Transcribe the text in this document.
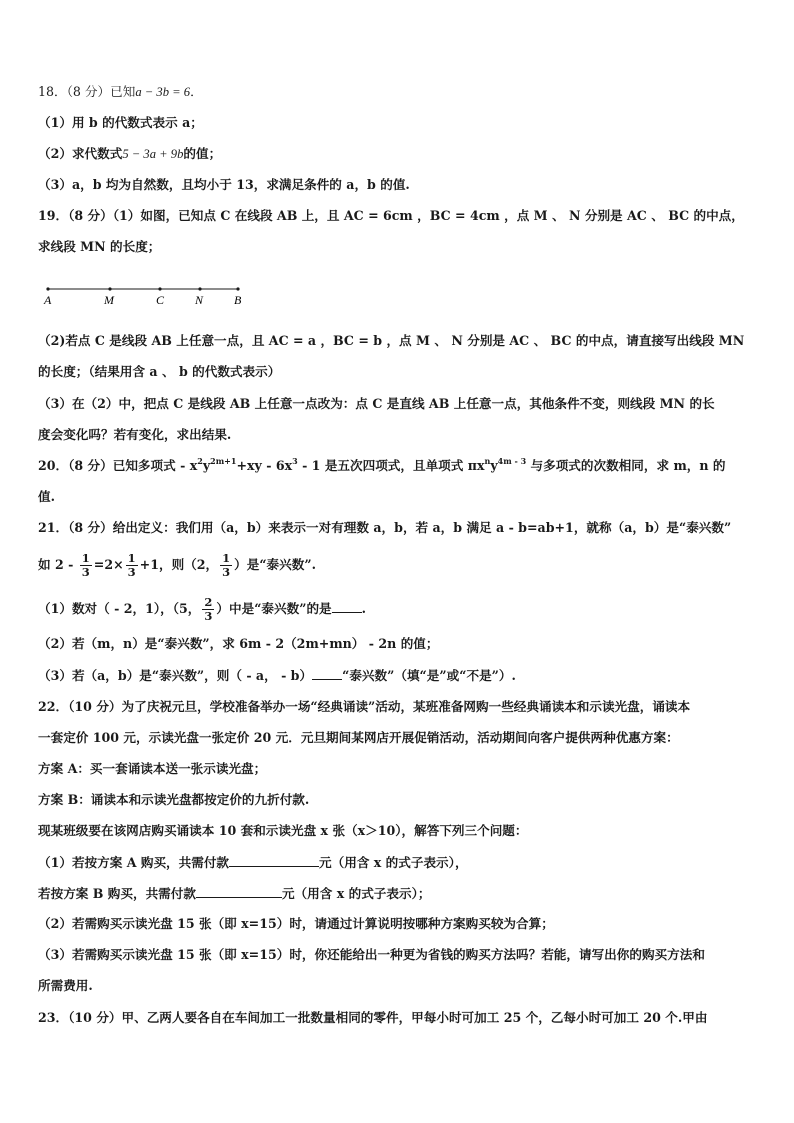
18．（8 分）已知a − 3b = 6．
（1）用 b 的代数式表示 a；
（2）求代数式5 − 3a + 9b的值；
（3）a，b 均为自然数，且均小于 13，求满足条件的 a，b 的值.
19．（8 分）（1）如图，已知点 C 在线段 AB 上，且 AC = 6cm ，BC = 4cm ，点 M 、 N 分别是 AC 、 BC 的中点，
求线段 MN 的长度；
A	M	C	N	B
（2)若点 C 是线段 AB 上任意一点，且 AC = a ，BC = b ，点 M 、 N 分别是 AC 、 BC 的中点，请直接写出线段 MN
的长度；（结果用含 a 、 b 的代数式表示）
（3）在（2）中，把点 C 是线段 AB 上任意一点改为：点 C 是直线 AB 上任意一点，其他条件不变，则线段 MN 的长
度会变化吗？若有变化，求出结果.
20．（8 分）已知多项式 - $x^2y^{2m+1}+xy - 6x^3 - 1$ 是五次四项式，且单项式 $\pi x^ny^{4m - 3}$ 与多项式的次数相同，求 m，n 的
值.
21．（8 分）给出定义：我们用（a，b）来表示一对有理数 a，b，若 a，b 满足 a - b=ab+1，就称（a，b）是“泰兴数”
如 $2 - \frac{1}{3} =2\times \frac{1}{3} +1$，则（2， $\frac{1}{3}$ ）是“泰兴数”.
（1）数对（ - 2，1），（5， $\frac{2}{3}$ ）中是“泰兴数”的是 .
（2）若（m，n）是“泰兴数”，求 6m - 2（2m+mn） - 2n 的值；
（3）若（a，b）是“泰兴数”，则（ - a， - b） “泰兴数”（填“是”或“不是”）.
22．（10 分）为了庆祝元旦，学校准备举办一场“经典诵读”活动，某班准备网购一些经典诵读本和示读光盘，诵读本
一套定价 100 元，示读光盘一张定价 20 元．元旦期间某网店开展促销活动，活动期间向客户提供两种优惠方案：
方案 A：买一套诵读本送一张示读光盘；
方案 B：诵读本和示读光盘都按定价的九折付款.
现某班级要在该网店购买诵读本 10 套和示读光盘 x 张（x＞10），解答下列三个问题：
（1）若按方案 A 购买，共需付款	元（用含 x 的式子表示），
若按方案 B 购买，共需付款	元（用含 x 的式子表示）；
（2）若需购买示读光盘 15 张（即 x=15）时，请通过计算说明按哪种方案购买较为合算；
（3）若需购买示读光盘 15 张（即 x=15）时，你还能给出一种更为省钱的购买方法吗？若能，请写出你的购买方法和
所需费用.
23．（10 分）甲、乙两人要各自在车间加工一批数量相同的零件，甲每小时可加工 25 个，乙每小时可加工 20 个.甲由
